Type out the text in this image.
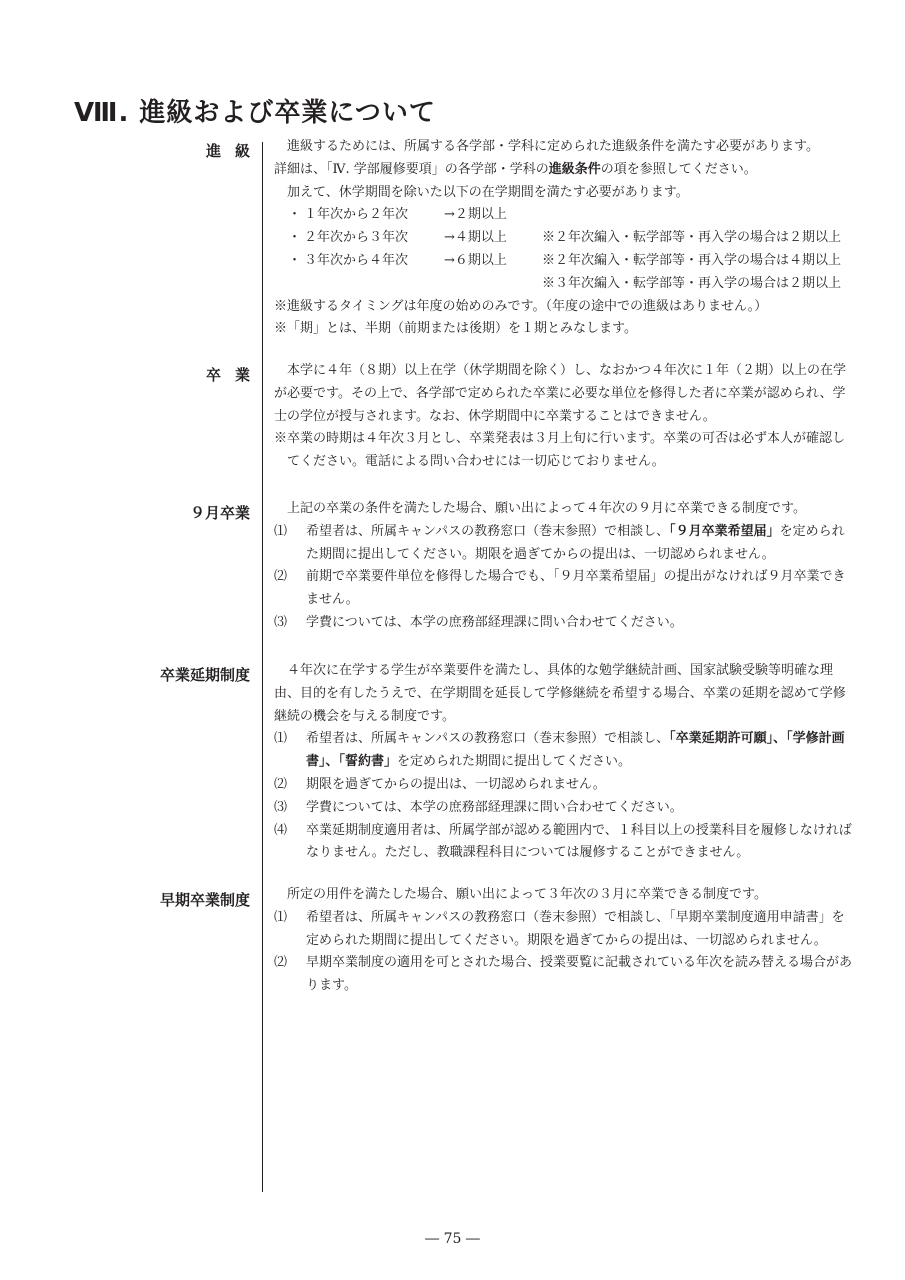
Ⅷ. 進級および卒業について
進級	進級するためには、所属する各学部・学科に定められた進級条件を満たす必要があります。
詳細は、「Ⅳ. 学部履修要項」の各学部・学科の進級条件の項を参照してください。
加えて、休学期間を除いた以下の在学期間を満たす必要があります。
・ １年次から２年次	→２期以上
・ ２年次から３年次	→４期以上	※２年次編入・転学部等・再入学の場合は２期以上
・ ３年次から４年次	→６期以上	※２年次編入・転学部等・再入学の場合は４期以上
※３年次編入・転学部等・再入学の場合は２期以上
※進級するタイミングは年度の始めのみです。（年度の途中での進級はありません。）
※「期」とは、半期（前期または後期）を１期とみなします。
卒業	本学に４年（８期）以上在学（休学期間を除く）し、なおかつ４年次に１年（２期）以上の在学が必要です。その上で、各学部で定められた卒業に必要な単位を修得した者に卒業が認められ、学士の学位が授与されます。なお、休学期間中に卒業することはできません。
※卒業の時期は４年次３月とし、卒業発表は３月上旬に行います。卒業の可否は必ず本人が確認してください。電話による問い合わせには一切応じておりません。
９月卒業	上記の卒業の条件を満たした場合、願い出によって４年次の９月に卒業できる制度です。
⑴	希望者は、所属キャンパスの教務窓口（巻末参照）で相談し、「９月卒業希望届」を定められた期間に提出してください。期限を過ぎてからの提出は、一切認められません。
⑵	前期で卒業要件単位を修得した場合でも、「９月卒業希望届」の提出がなければ９月卒業できません。
⑶	学費については、本学の庶務部経理課に問い合わせてください。
卒業延期制度	４年次に在学する学生が卒業要件を満たし、具体的な勉学継続計画、国家試験受験等明確な理由、目的を有したうえで、在学期間を延長して学修継続を希望する場合、卒業の延期を認めて学修継続の機会を与える制度です。
⑴	希望者は、所属キャンパスの教務窓口（巻末参照）で相談し、「卒業延期許可願」、「学修計画書」、「誓約書」を定められた期間に提出してください。
⑵	期限を過ぎてからの提出は、一切認められません。
⑶	学費については、本学の庶務部経理課に問い合わせてください。
⑷	卒業延期制度適用者は、所属学部が認める範囲内で、１科目以上の授業科目を履修しなければなりません。ただし、教職課程科目については履修することができません。
早期卒業制度	所定の用件を満たした場合、願い出によって３年次の３月に卒業できる制度です。
⑴	希望者は、所属キャンパスの教務窓口（巻末参照）で相談し、「早期卒業制度適用申請書」を定められた期間に提出してください。期限を過ぎてからの提出は、一切認められません。
⑵	早期卒業制度の適用を可とされた場合、授業要覧に記載されている年次を読み替える場合があります。
― 75 ―
